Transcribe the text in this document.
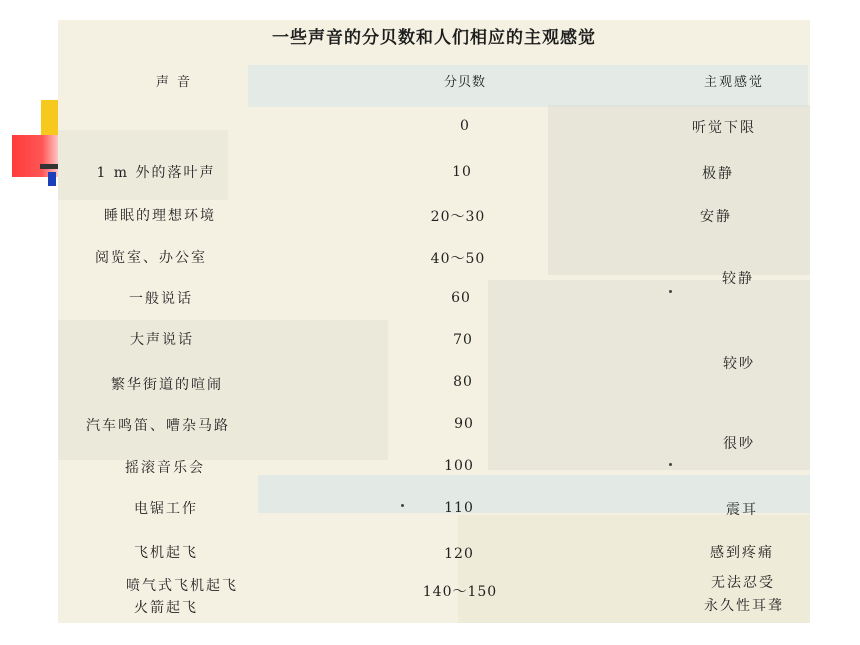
一些声音的分贝数和人们相应的主观感觉
声 音	分贝数	主观感觉
1 m 外的落叶声
睡眠的理想环境
阅览室、办公室
一般说话
大声说话
繁华街道的喧闹
汽车鸣笛、嘈杂马路
摇滚音乐会
电锯工作
飞机起飞
喷气式飞机起飞
火箭起飞
0
10
20～30
40～50
60
70
80
90
100
110
120
140～150
听觉下限
极静
安静
较静
较吵
很吵
震耳
感到疼痛
无法忍受
永久性耳聋
